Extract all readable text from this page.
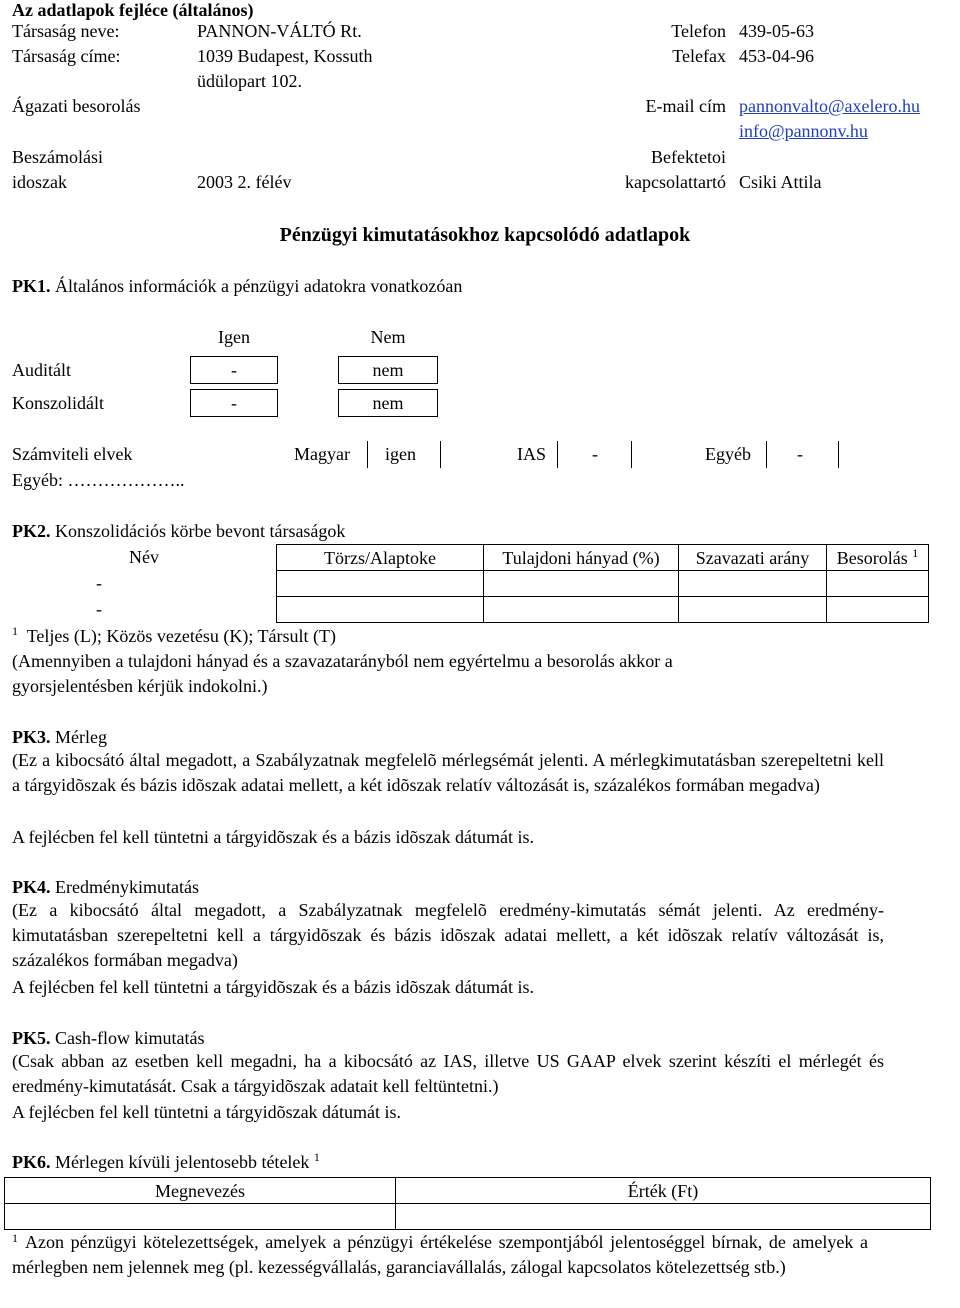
Az adatlapok fejléce (általános)
Társaság neve:	PANNON-VÁLTÓ Rt.	Telefon 439-05-63
Társaság címe:	1039 Budapest, Kossuth	Telefax 453-04-96
üdülopart 102.
Ágazati besorolás	E-mail cím pannonvalto@axelero.hu
info@pannonv.hu
Beszámolási	Befektetoi
idoszak	2003 2. félév	kapcsolattartó Csiki Attila
Pénzügyi kimutatásokhoz kapcsolódó adatlapok
PK1. Általános információk a pénzügyi adatokra vonatkozóan
Igen	Nem
Auditált	-	nem
Konszolidált	-	nem
Számviteli elvek	Magyar igen	IAS	-	Egyéb	-
Egyéb: ………………..
PK2. Konszolidációs körbe bevont társaságok
Név	Törzs/Alaptoke	Tulajdoni hányad (%)	Szavazati arány	Besorolás $^1$

-
-
$^1$ Teljes (L); Közös vezetésu (K); Társult (T)
(Amennyiben a tulajdoni hányad és a szavazatarányból nem egyértelmu a besorolás akkor a
gyorsjelentésben kérjük indokolni.)
PK3. Mérleg
(Ez a kibocsátó által megadott, a Szabályzatnak megfelelõ mérlegsémát jelenti. A mérlegkimutatásban szerepeltetni kell a tárgyidõszak és bázis idõszak adatai mellett, a két idõszak relatív változását is, százalékos formában megadva)
A fejlécben fel kell tüntetni a tárgyidõszak és a bázis idõszak dátumát is.
PK4. Eredménykimutatás
(Ez a kibocsátó által megadott, a Szabályzatnak megfelelõ eredmény-kimutatás sémát jelenti. Az eredmény-kimutatásban szerepeltetni kell a tárgyidõszak és bázis idõszak adatai mellett, a két idõszak relatív változását is, százalékos formában megadva)
A fejlécben fel kell tüntetni a tárgyidõszak és a bázis idõszak dátumát is.
PK5. Cash-flow kimutatás
(Csak abban az esetben kell megadni, ha a kibocsátó az IAS, illetve US GAAP elvek szerint készíti el mérlegét és eredmény-kimutatását. Csak a tárgyidõszak adatait kell feltüntetni.)
A fejlécben fel kell tüntetni a tárgyidõszak dátumát is.
PK6. Mérlegen kívüli jelentosebb tételek $^1$
Megnevezés	Érték (Ft)

$^1$ Azon pénzügyi kötelezettségek, amelyek a pénzügyi értékelése szempontjából jelentoséggel bírnak, de amelyek a mérlegben nem jelennek meg (pl. kezességvállalás, garanciavállalás, zálogal kapcsolatos kötelezettség stb.)
